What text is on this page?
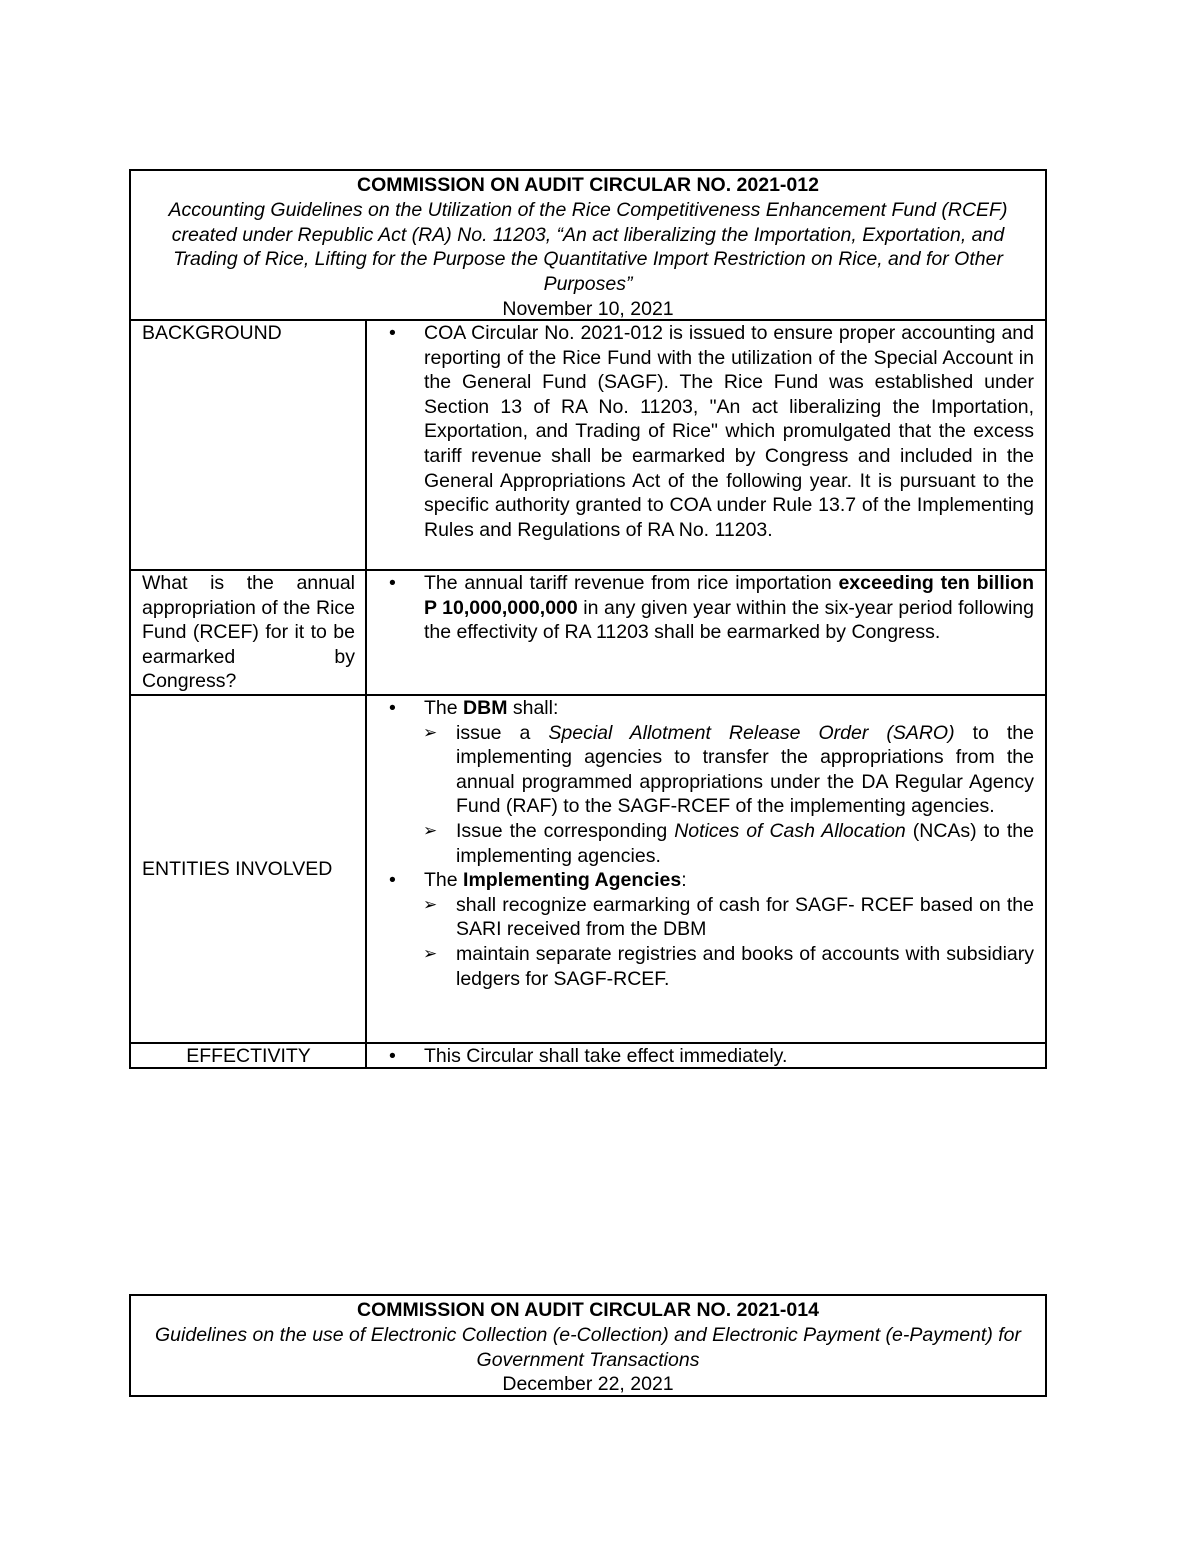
COMMISSION ON AUDIT CIRCULAR NO. 2021-012
Accounting Guidelines on the Utilization of the Rice Competitiveness Enhancement Fund (RCEF) created under Republic Act (RA) No. 11203, “An act liberalizing the Importation, Exportation, and Trading of Rice, Lifting for the Purpose the Quantitative Import Restriction on Rice, and for Other Purposes”
November 10, 2021
BACKGROUND	• COA Circular No. 2021-012 is issued to ensure proper accounting and reporting of the Rice Fund with the utilization of the Special Account in the General Fund (SAGF). The Rice Fund was established under Section 13 of RA No. 11203, "An act liberalizing the Importation, Exportation, and Trading of Rice" which promulgated that the excess tariff revenue shall be earmarked by Congress and included in the General Appropriations Act of the following year. It is pursuant to the specific authority granted to COA under Rule 13.7 of the Implementing Rules and Regulations of RA No. 11203.
What is the annual appropriation of the Rice Fund (RCEF) for it to be earmarked by Congress?
• The annual tariff revenue from rice importation exceeding ten billion P 10,000,000,000 in any given year within the six-year period following the effectivity of RA 11203 shall be earmarked by Congress.
ENTITIES INVOLVED
• The DBM shall:
➢ issue a Special Allotment Release Order (SARO) to the implementing agencies to transfer the appropriations from the annual programmed appropriations under the DA Regular Agency Fund (RAF) to the SAGF-RCEF of the implementing agencies.
➢ Issue the corresponding Notices of Cash Allocation (NCAs) to the implementing agencies.
• The Implementing Agencies:
➢ shall recognize earmarking of cash for SAGF- RCEF based on the SARI received from the DBM
➢ maintain separate registries and books of accounts with subsidiary ledgers for SAGF-RCEF.
EFFECTIVITY	• This Circular shall take effect immediately.
COMMISSION ON AUDIT CIRCULAR NO. 2021-014
Guidelines on the use of Electronic Collection (e-Collection) and Electronic Payment (e-Payment) for Government Transactions
December 22, 2021
